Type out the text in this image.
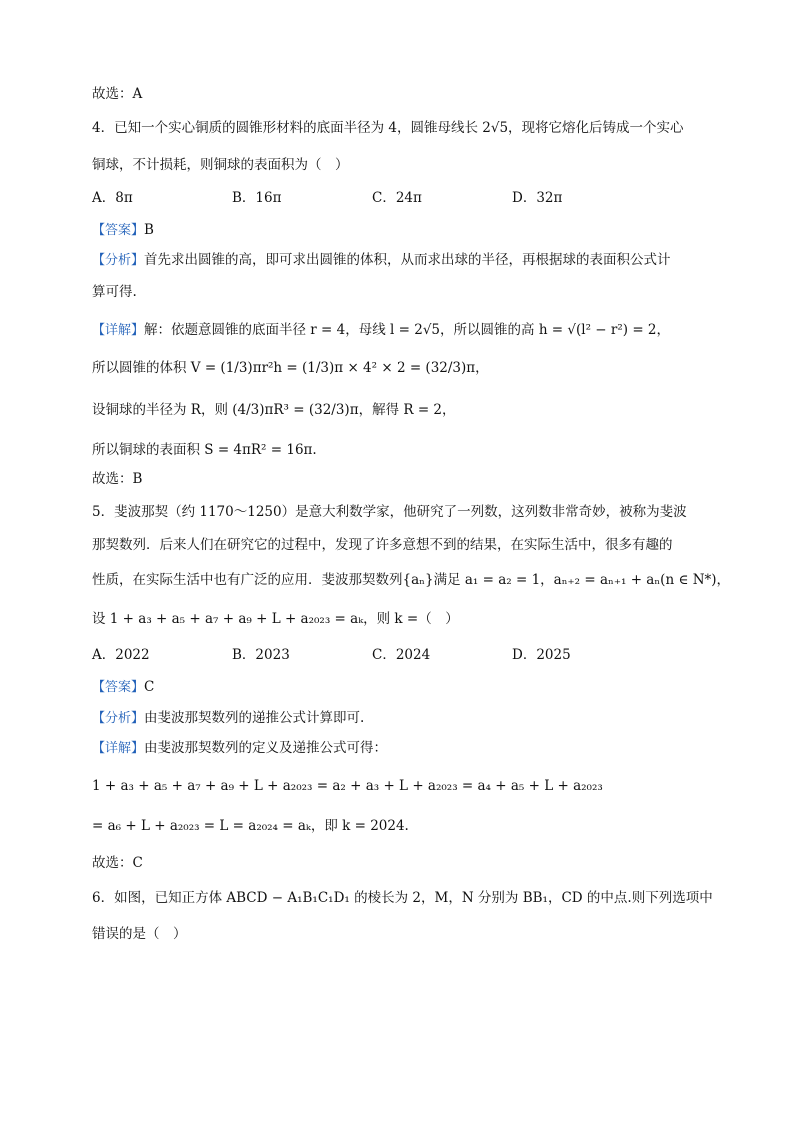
故选：A
4．已知一个实心铜质的圆锥形材料的底面半径为 4，圆锥母线长 2√5，现将它熔化后铸成一个实心
铜球，不计损耗，则铜球的表面积为（　）
A．8π	B．16π	C．24π	D．32π
【答案】B
【分析】首先求出圆锥的高，即可求出圆锥的体积，从而求出球的半径，再根据球的表面积公式计
算可得.
【详解】解：依题意圆锥的底面半径 r = 4，母线 l = 2√5，所以圆锥的高 h = √(l² − r²) = 2，
所以圆锥的体积 V = (1/3)πr²h = (1/3)π × 4² × 2 = (32/3)π，
设铜球的半径为 R，则 (4/3)πR³ = (32/3)π，解得 R = 2，
所以铜球的表面积 S = 4πR² = 16π.
故选：B
5．斐波那契（约 1170～1250）是意大利数学家，他研究了一列数，这列数非常奇妙，被称为斐波
那契数列．后来人们在研究它的过程中，发现了许多意想不到的结果，在实际生活中，很多有趣的
性质，在实际生活中也有广泛的应用．斐波那契数列{aₙ}满足 a₁ = a₂ = 1，aₙ₊₂ = aₙ₊₁ + aₙ(n ∈ N*)，
设 1 + a₃ + a₅ + a₇ + a₉ + L + a₂₀₂₃ = aₖ，则 k =（　）
A．2022	B．2023	C．2024	D．2025
【答案】C
【分析】由斐波那契数列的递推公式计算即可.
【详解】由斐波那契数列的定义及递推公式可得：
1 + a₃ + a₅ + a₇ + a₉ + L + a₂₀₂₃ = a₂ + a₃ + L + a₂₀₂₃ = a₄ + a₅ + L + a₂₀₂₃
= a₆ + L + a₂₀₂₃ = L = a₂₀₂₄ = aₖ，即 k = 2024.
故选：C
6．如图，已知正方体 ABCD − A₁B₁C₁D₁ 的棱长为 2，M，N 分别为 BB₁，CD 的中点.则下列选项中
错误的是（　）
